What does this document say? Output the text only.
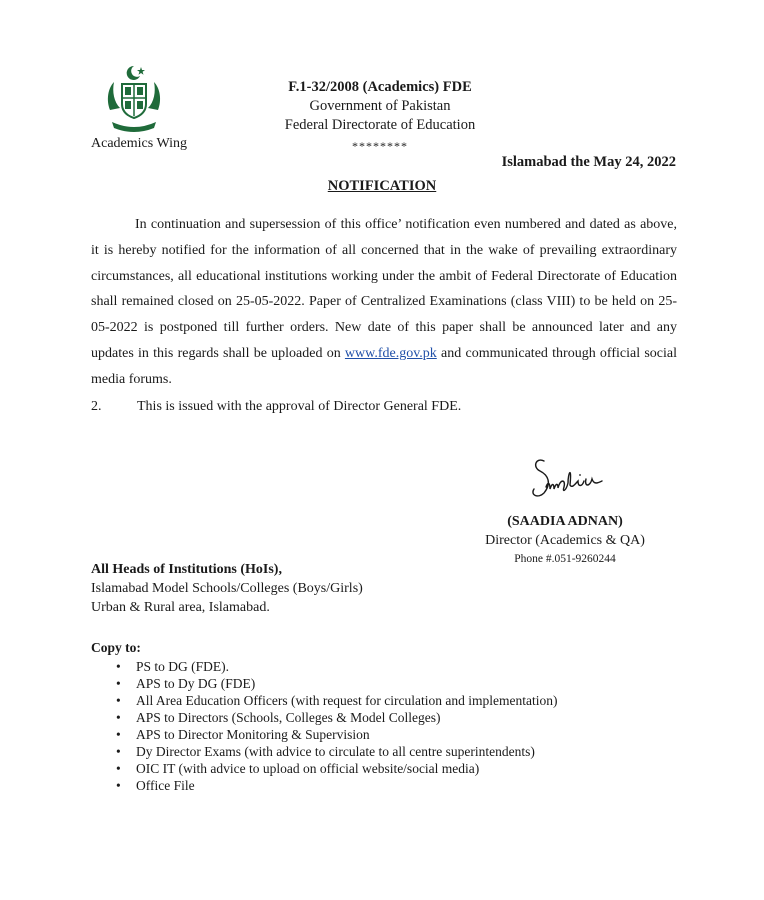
Academics Wing
F.1-32/2008 (Academics) FDE
Government of Pakistan
Federal Directorate of Education
********
Islamabad the May 24, 2022
NOTIFICATION

In continuation and supersession of this office’ notification even numbered and dated as above, it is hereby notified for the information of all concerned that in the wake of prevailing extraordinary circumstances, all educational institutions working under the ambit of Federal Directorate of Education shall remained closed on 25-05-2022. Paper of Centralized Examinations (class VIII) to be held on 25-05-2022 is postponed till further orders. New date of this paper shall be announced later and any updates in this regards shall be uploaded on www.fde.gov.pk and communicated through official social media forums.

2.	This is issued with the approval of Director General FDE.
(SAADIA ADNAN)
Director (Academics & QA)
Phone #.051-9260244
All Heads of Institutions (HoIs),
Islamabad Model Schools/Colleges (Boys/Girls)
Urban & Rural area, Islamabad.
Copy to:
• PS to DG (FDE).
• APS to Dy DG (FDE)
• All Area Education Officers (with request for circulation and implementation)
• APS to Directors (Schools, Colleges & Model Colleges)
• APS to Director Monitoring & Supervision
• Dy Director Exams (with advice to circulate to all centre superintendents)
• OIC IT (with advice to upload on official website/social media)
• Office File
